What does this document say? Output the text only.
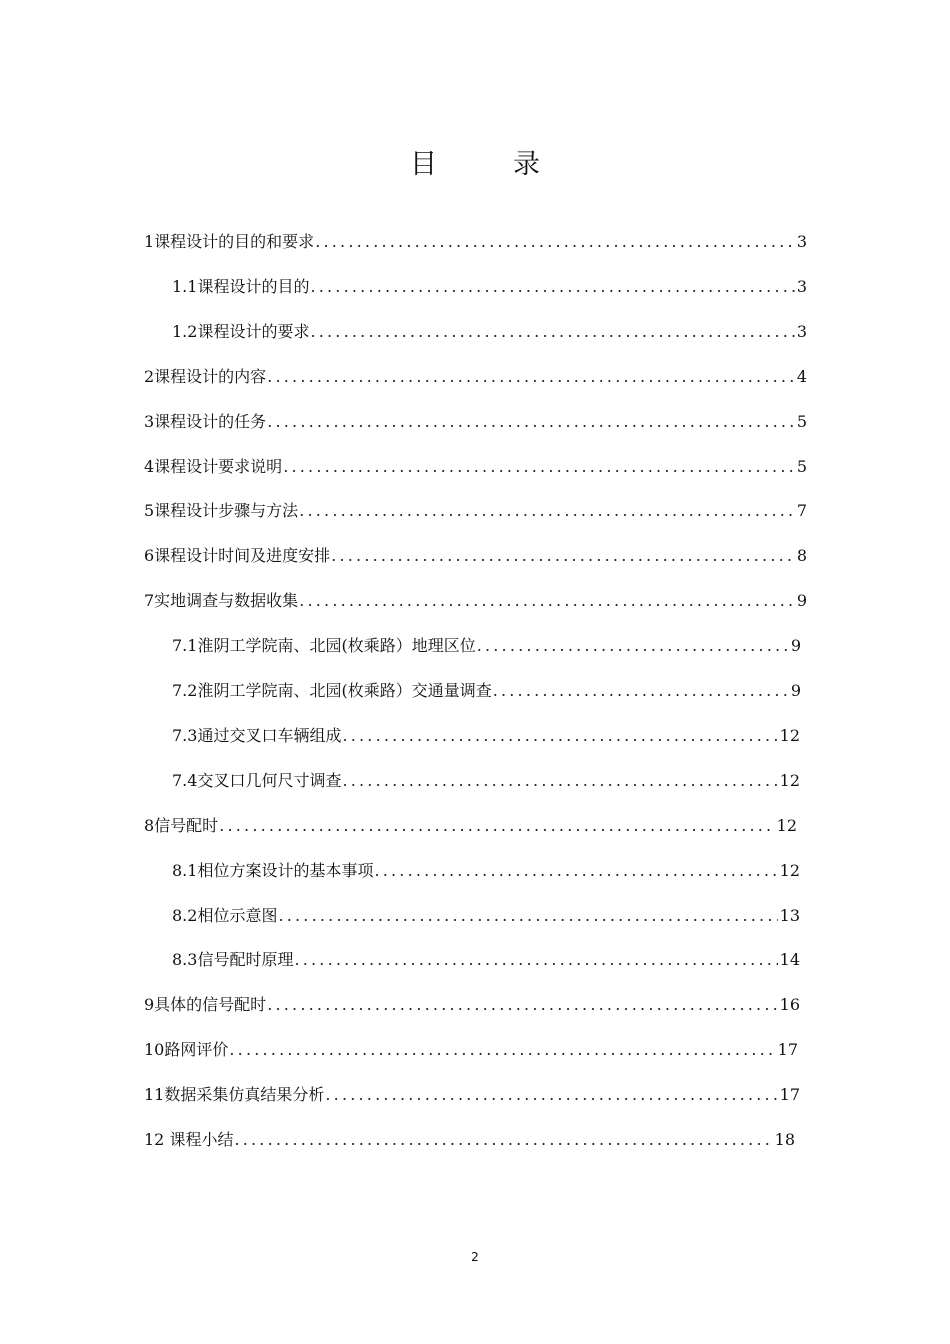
目	录
1课程设计的目的和要求 .....	3
1.1课程设计的目的 .....	3
1.2课程设计的要求 .....	3
2课程设计的内容 .....	4
3课程设计的任务 .....	5
4课程设计要求说明 .....	5
5课程设计步骤与方法 .....	7
6课程设计时间及进度安排 .....	8
7实地调查与数据收集 .....	9
7.1淮阴工学院南、北园(枚乘路）地理区位 .....	9
7.2淮阴工学院南、北园(枚乘路）交通量调查 .....	9
7.3通过交叉口车辆组成 .....	12
7.4交叉口几何尺寸调查 .....	12
8信号配时 .....	12
8.1相位方案设计的基本事项 .....	12
8.2相位示意图 .....	13
8.3信号配时原理 .....	14
9具体的信号配时 .....	16
10路网评价 .....	17
11数据采集仿真结果分析 .....	17
12 课程小结 .....	18
2
